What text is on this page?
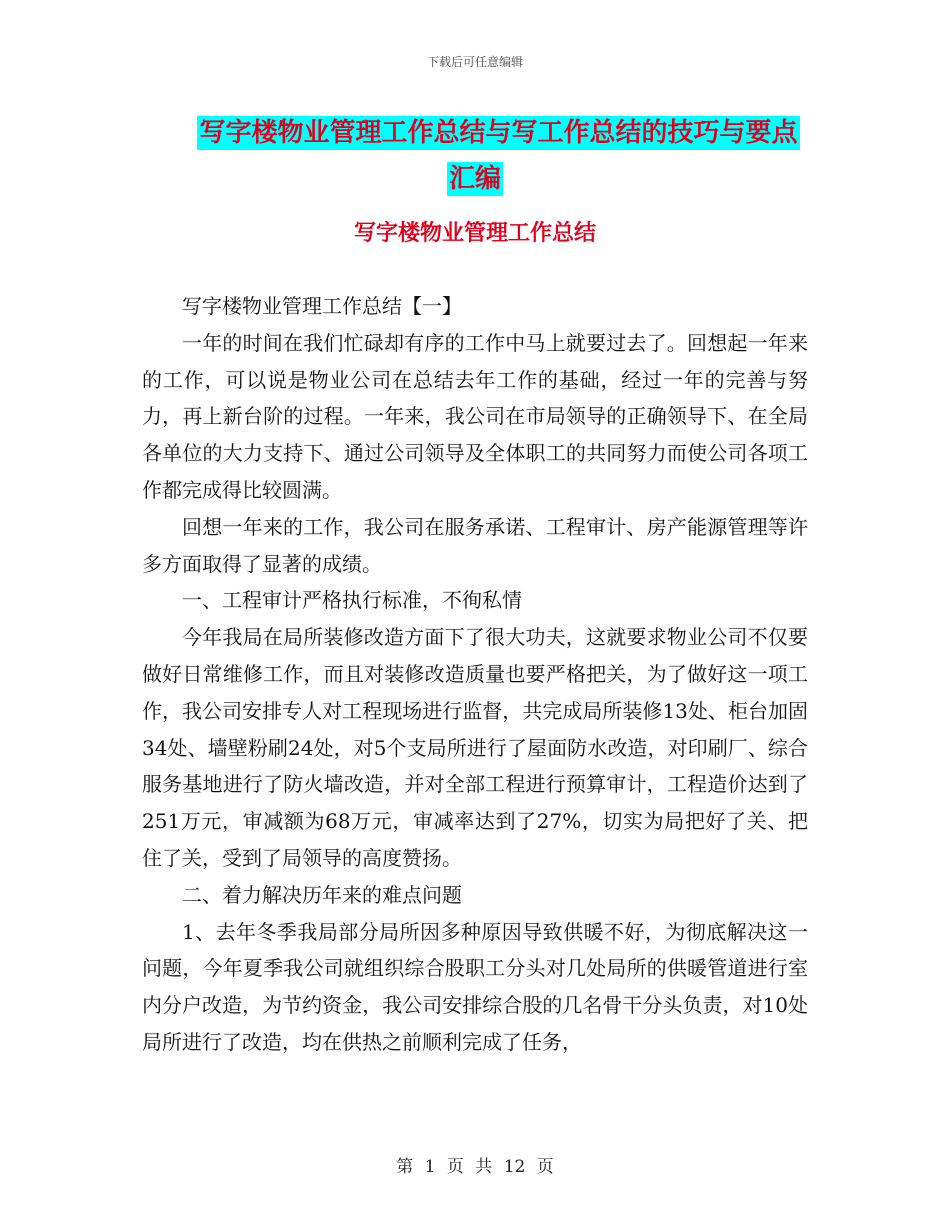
下载后可任意编辑
写字楼物业管理工作总结与写工作总结的技巧与要点
汇编
写字楼物业管理工作总结

写字楼物业管理工作总结【一】

一年的时间在我们忙碌却有序的工作中马上就要过去了。回想起一年来的工作，可以说是物业公司在总结去年工作的基础，经过一年的完善与努力，再上新台阶的过程。一年来，我公司在市局领导的正确领导下、在全局各单位的大力支持下、通过公司领导及全体职工的共同努力而使公司各项工作都完成得比较圆满。

回想一年来的工作，我公司在服务承诺、工程审计、房产能源管理等许多方面取得了显著的成绩。

一、工程审计严格执行标准，不徇私情

今年我局在局所装修改造方面下了很大功夫，这就要求物业公司不仅要做好日常维修工作，而且对装修改造质量也要严格把关，为了做好这一项工作，我公司安排专人对工程现场进行监督，共完成局所装修13处、柜台加固34处、墙壁粉刷24处，对5个支局所进行了屋面防水改造，对印刷厂、综合服务基地进行了防火墙改造，并对全部工程进行预算审计，工程造价达到了251万元，审减额为68万元，审减率达到了27%，切实为局把好了关、把住了关，受到了局领导的高度赞扬。

二、着力解决历年来的难点问题

1、去年冬季我局部分局所因多种原因导致供暖不好，为彻底解决这一问题，今年夏季我公司就组织综合股职工分头对几处局所的供暖管道进行室内分户改造，为节约资金，我公司安排综合股的几名骨干分头负责，对10处局所进行了改造，均在供热之前顺利完成了任务，

第 1 页 共 12 页
